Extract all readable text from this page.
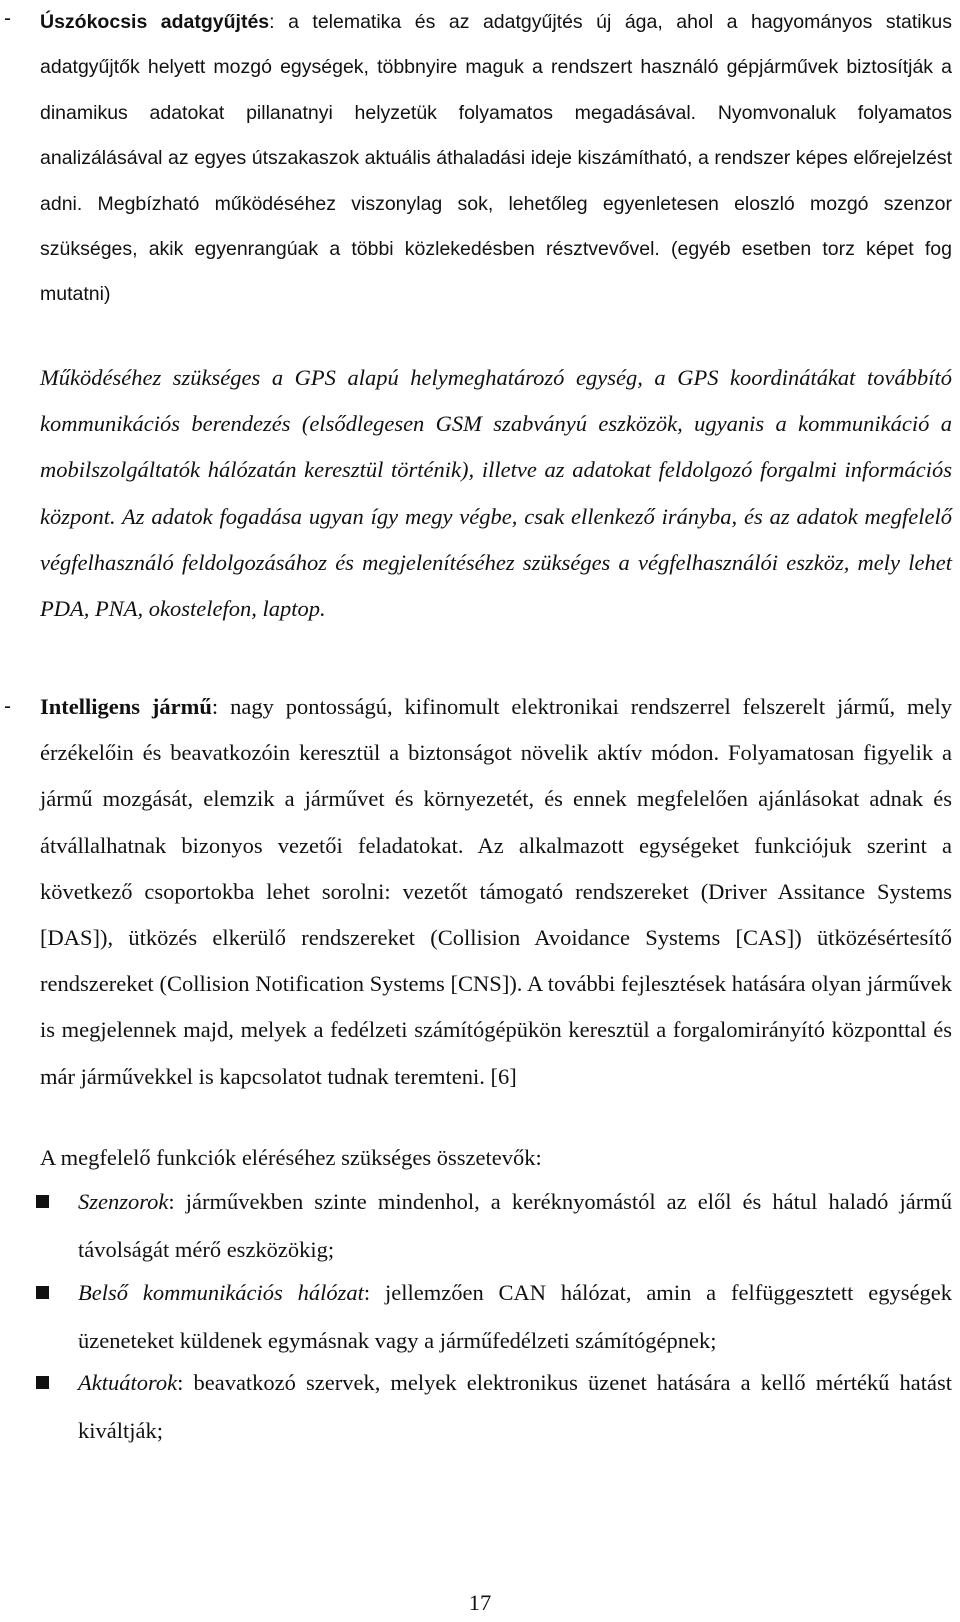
- Úszókocsis adatgyűjtés: a telematika és az adatgyűjtés új ága, ahol a hagyományos statikus adatgyűjtők helyett mozgó egységek, többnyire maguk a rendszert használó gépjárművek biztosítják a dinamikus adatokat pillanatnyi helyzetük folyamatos megadásával. Nyomvonaluk folyamatos analizálásával az egyes útszakaszok aktuális áthaladási ideje kiszámítható, a rendszer képes előrejelzést adni. Megbízható működéséhez viszonylag sok, lehetőleg egyenletesen eloszló mozgó szenzor szükséges, akik egyenrangúak a többi közlekedésben résztvevővel. (egyéb esetben torz képet fog mutatni)

Működéséhez szükséges a GPS alapú helymeghatározó egység, a GPS koordinátákat továbbító kommunikációs berendezés (elsődlegesen GSM szabványú eszközök, ugyanis a kommunikáció a mobilszolgáltatók hálózatán keresztül történik), illetve az adatokat feldolgozó forgalmi információs központ. Az adatok fogadása ugyan így megy végbe, csak ellenkező irányba, és az adatok megfelelő végfelhasználó feldolgozásához és megjelenítéséhez szükséges a végfelhasználói eszköz, mely lehet PDA, PNA, okostelefon, laptop.

- Intelligens jármű: nagy pontosságú, kifinomult elektronikai rendszerrel felszerelt jármű, mely érzékelőin és beavatkozóin keresztül a biztonságot növelik aktív módon. Folyamatosan figyelik a jármű mozgását, elemzik a járművet és környezetét, és ennek megfelelően ajánlásokat adnak és átvállalhatnak bizonyos vezetői feladatokat. Az alkalmazott egységeket funkciójuk szerint a következő csoportokba lehet sorolni: vezetőt támogató rendszereket (Driver Assitance Systems [DAS]), ütközés elkerülő rendszereket (Collision Avoidance Systems [CAS]) ütközésértesítő rendszereket (Collision Notification Systems [CNS]). A további fejlesztések hatására olyan járművek is megjelennek majd, melyek a fedélzeti számítógépükön keresztül a forgalomirányító központtal és már járművekkel is kapcsolatot tudnak teremteni. [6]

A megfelelő funkciók eléréséhez szükséges összetevők:

Szenzorok: járművekben szinte mindenhol, a keréknyomástól az elől és hátul haladó jármű távolságát mérő eszközökig;

Belső kommunikációs hálózat: jellemzően CAN hálózat, amin a felfüggesztett egységek üzeneteket küldenek egymásnak vagy a járműfedélzeti számítógépnek;

Aktuátorok: beavatkozó szervek, melyek elektronikus üzenet hatására a kellő mértékű hatást kiváltják;

17
